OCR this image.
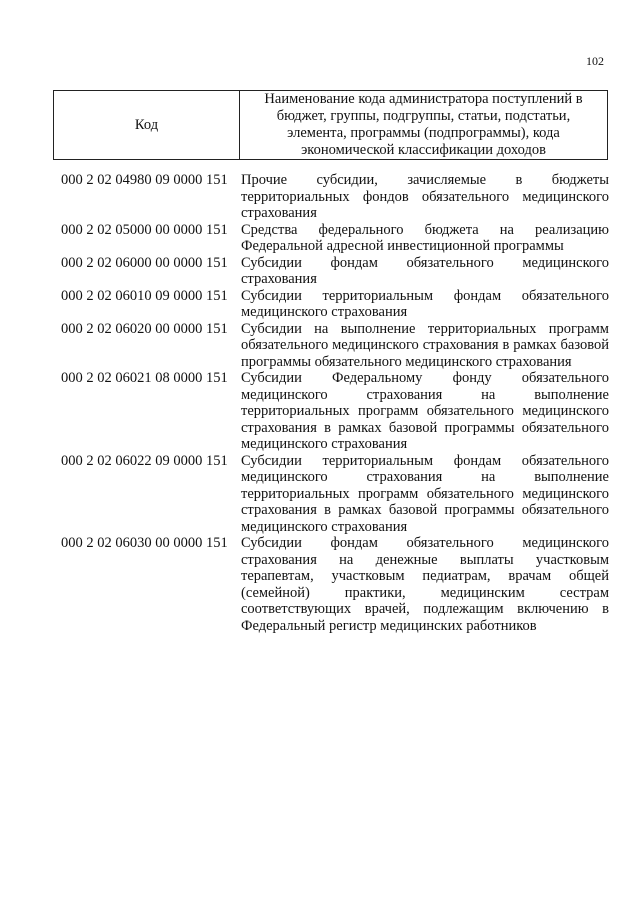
102
Код
Наименование кода администратора поступлений в бюджет, группы, подгруппы, статьи, подстатьи, элемента, программы (подпрограммы), кода экономической классификации доходов
000 2 02 04980 09 0000 151 Прочие субсидии, зачисляемые в бюджеты территориальных фондов обязательного медицинского страхования
000 2 02 05000 00 0000 151 Средства федерального бюджета на реализацию Федеральной адресной инвестиционной программы
000 2 02 06000 00 0000 151 Субсидии фондам обязательного медицинского страхования
000 2 02 06010 09 0000 151 Субсидии территориальным фондам обязательного медицинского страхования
000 2 02 06020 00 0000 151 Субсидии на выполнение территориальных программ обязательного медицинского страхования в рамках базовой программы обязательного медицинского страхования
000 2 02 06021 08 0000 151 Субсидии Федеральному фонду обязательного медицинского страхования на выполнение территориальных программ обязательного медицинского страхования в рамках базовой программы обязательного медицинского страхования
000 2 02 06022 09 0000 151 Субсидии территориальным фондам обязательного медицинского страхования на выполнение территориальных программ обязательного медицинского страхования в рамках базовой программы обязательного медицинского страхования
000 2 02 06030 00 0000 151 Субсидии фондам обязательного медицинского страхования на денежные выплаты участковым терапевтам, участковым педиатрам, врачам общей (семейной) практики, медицинским сестрам соответствующих врачей, подлежащим включению в Федеральный регистр медицинских работников
